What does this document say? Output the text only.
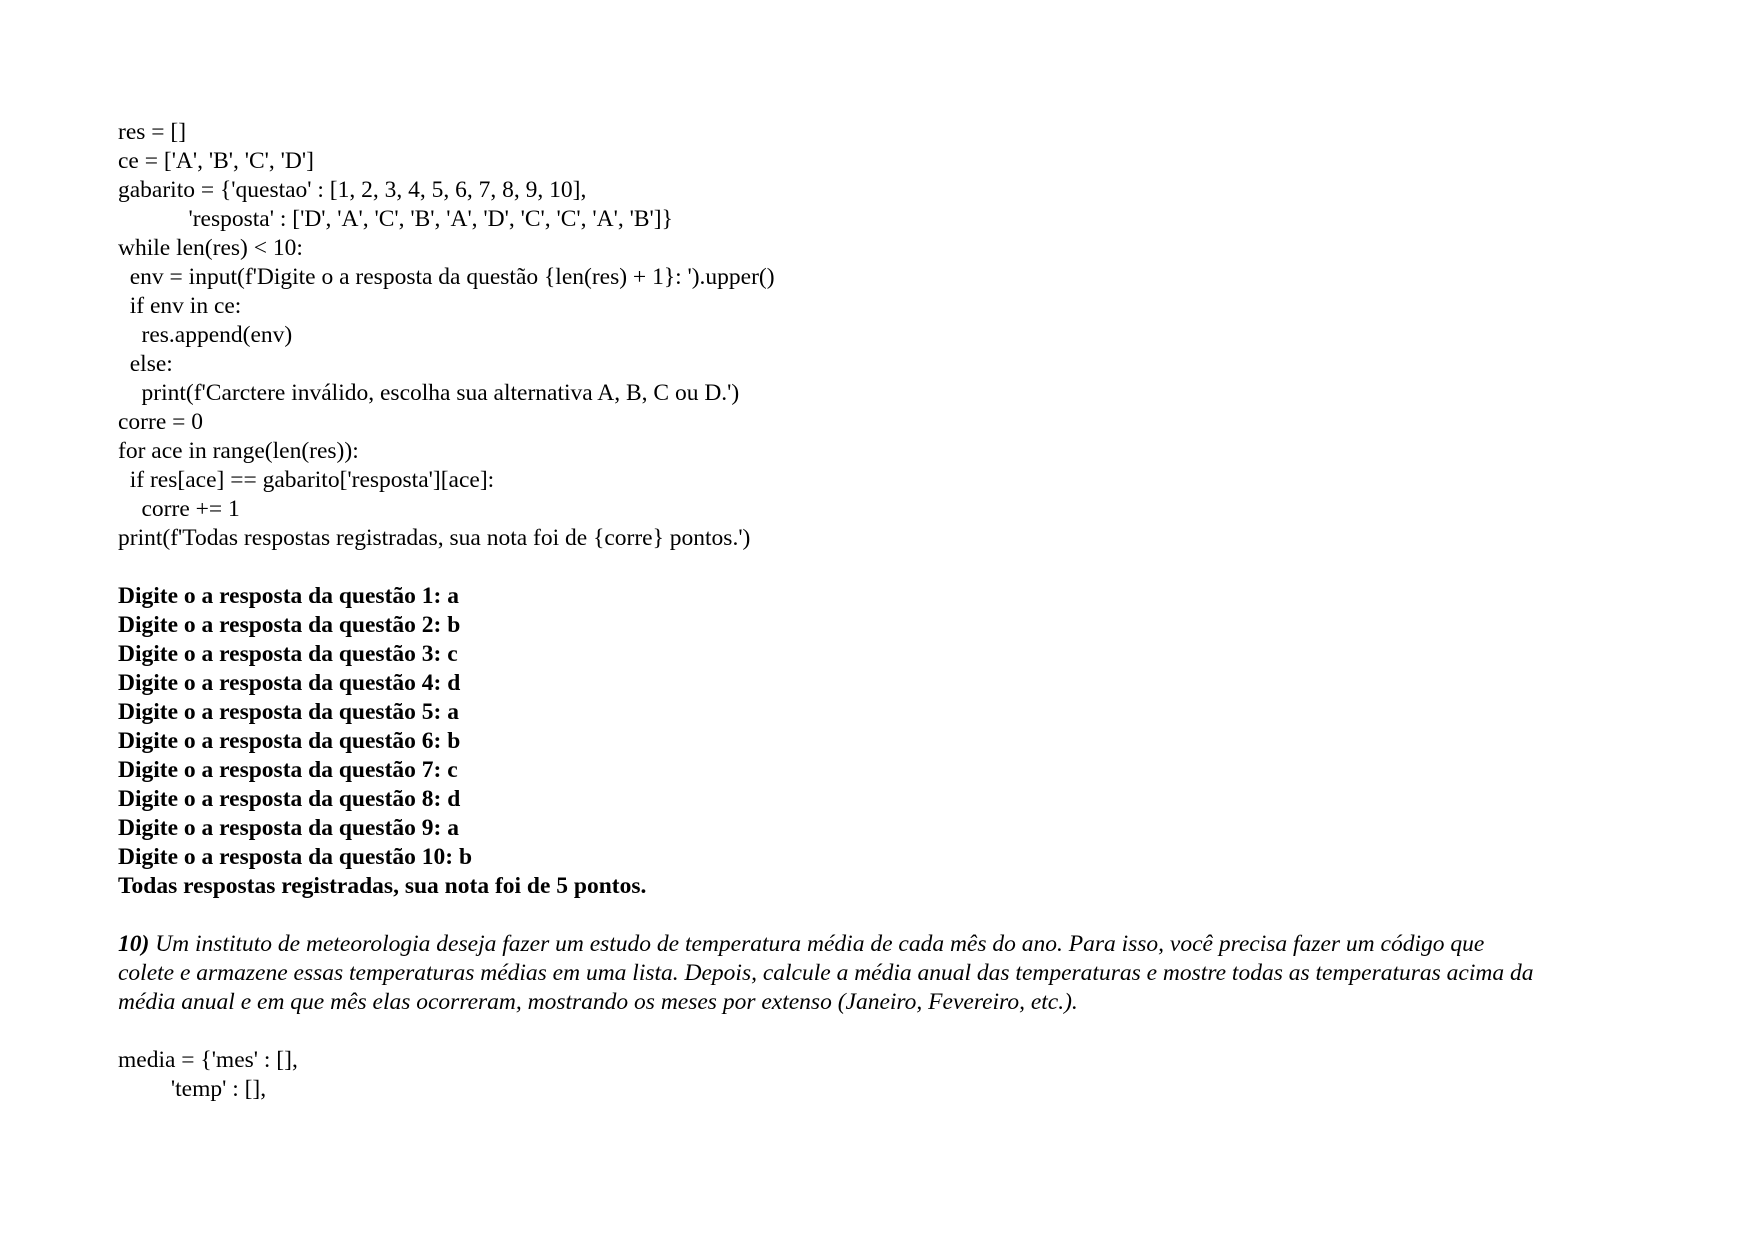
res = []
ce = ['A', 'B', 'C', 'D']
gabarito = {'questao' : [1, 2, 3, 4, 5, 6, 7, 8, 9, 10],
'resposta' : ['D', 'A', 'C', 'B', 'A', 'D', 'C', 'C', 'A', 'B']}
while len(res) < 10:
env = input(f'Digite o a resposta da questão {len(res) + 1}: ').upper()
if env in ce:
res.append(env)
else:
print(f'Carctere inválido, escolha sua alternativa A, B, C ou D.')
corre = 0
for ace in range(len(res)):
if res[ace] == gabarito['resposta'][ace]:
corre += 1
print(f'Todas respostas registradas, sua nota foi de {corre} pontos.')
Digite o a resposta da questão 1: a
Digite o a resposta da questão 2: b
Digite o a resposta da questão 3: c
Digite o a resposta da questão 4: d
Digite o a resposta da questão 5: a
Digite o a resposta da questão 6: b
Digite o a resposta da questão 7: c
Digite o a resposta da questão 8: d
Digite o a resposta da questão 9: a
Digite o a resposta da questão 10: b
Todas respostas registradas, sua nota foi de 5 pontos.
10) Um instituto de meteorologia deseja fazer um estudo de temperatura média de cada mês do ano. Para isso, você precisa fazer um código que
colete e armazene essas temperaturas médias em uma lista. Depois, calcule a média anual das temperaturas e mostre todas as temperaturas acima da
média anual e em que mês elas ocorreram, mostrando os meses por extenso (Janeiro, Fevereiro, etc.).
media = {'mes' : [],
'temp' : [],
